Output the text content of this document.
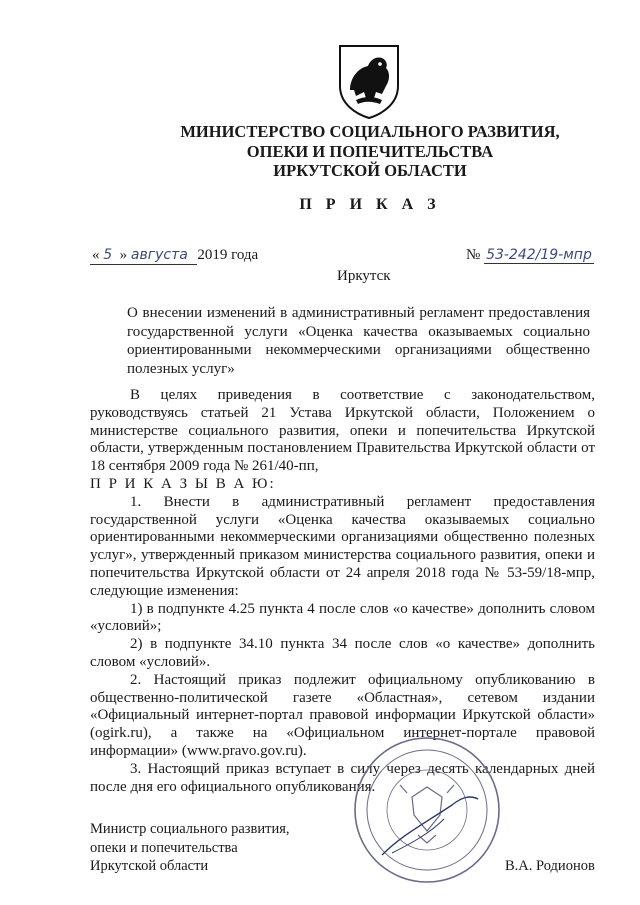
МИНИСТЕРСТВО СОЦИАЛЬНОГО РАЗВИТИЯ,
ОПЕКИ И ПОПЕЧИТЕЛЬСТВА
ИРКУТСКОЙ ОБЛАСТИ
П Р И К А З
« 5 » августа 2019 года	№ 53-242/19-мпр
Иркутск
О внесении изменений в административный регламент предоставления государственной услуги «Оценка качества оказываемых социально ориентированными некоммерческими организациями общественно полезных услуг»

В целях приведения в соответствие с законодательством, руководствуясь статьей 21 Устава Иркутской области, Положением о министерстве социального развития, опеки и попечительства Иркутской области, утвержденным постановлением Правительства Иркутской области от 18 сентября 2009 года № 261/40-пп,

П Р И К А З Ы В А Ю:

1. Внести в административный регламент предоставления государственной услуги «Оценка качества оказываемых социально ориентированными некоммерческими организациями общественно полезных услуг», утвержденный приказом министерства социального развития, опеки и попечительства Иркутской области от 24 апреля 2018 года № 53-59/18-мпр, следующие изменения:

1) в подпункте 4.25 пункта 4 после слов «о качестве» дополнить словом «условий»;

2) в подпункте 34.10 пункта 34 после слов «о качестве» дополнить словом «условий».

2. Настоящий приказ подлежит официальному опубликованию в общественно-политической газете «Областная», сетевом издании «Официальный интернет-портал правовой информации Иркутской области» (ogirk.ru), а также на «Официальном интернет-портале правовой информации» (www.pravo.gov.ru).

3. Настоящий приказ вступает в силу через десять календарных дней после дня его официального опубликования.

Министр социального развития,
опеки и попечительства
Иркутской области	В.А. Родионов
